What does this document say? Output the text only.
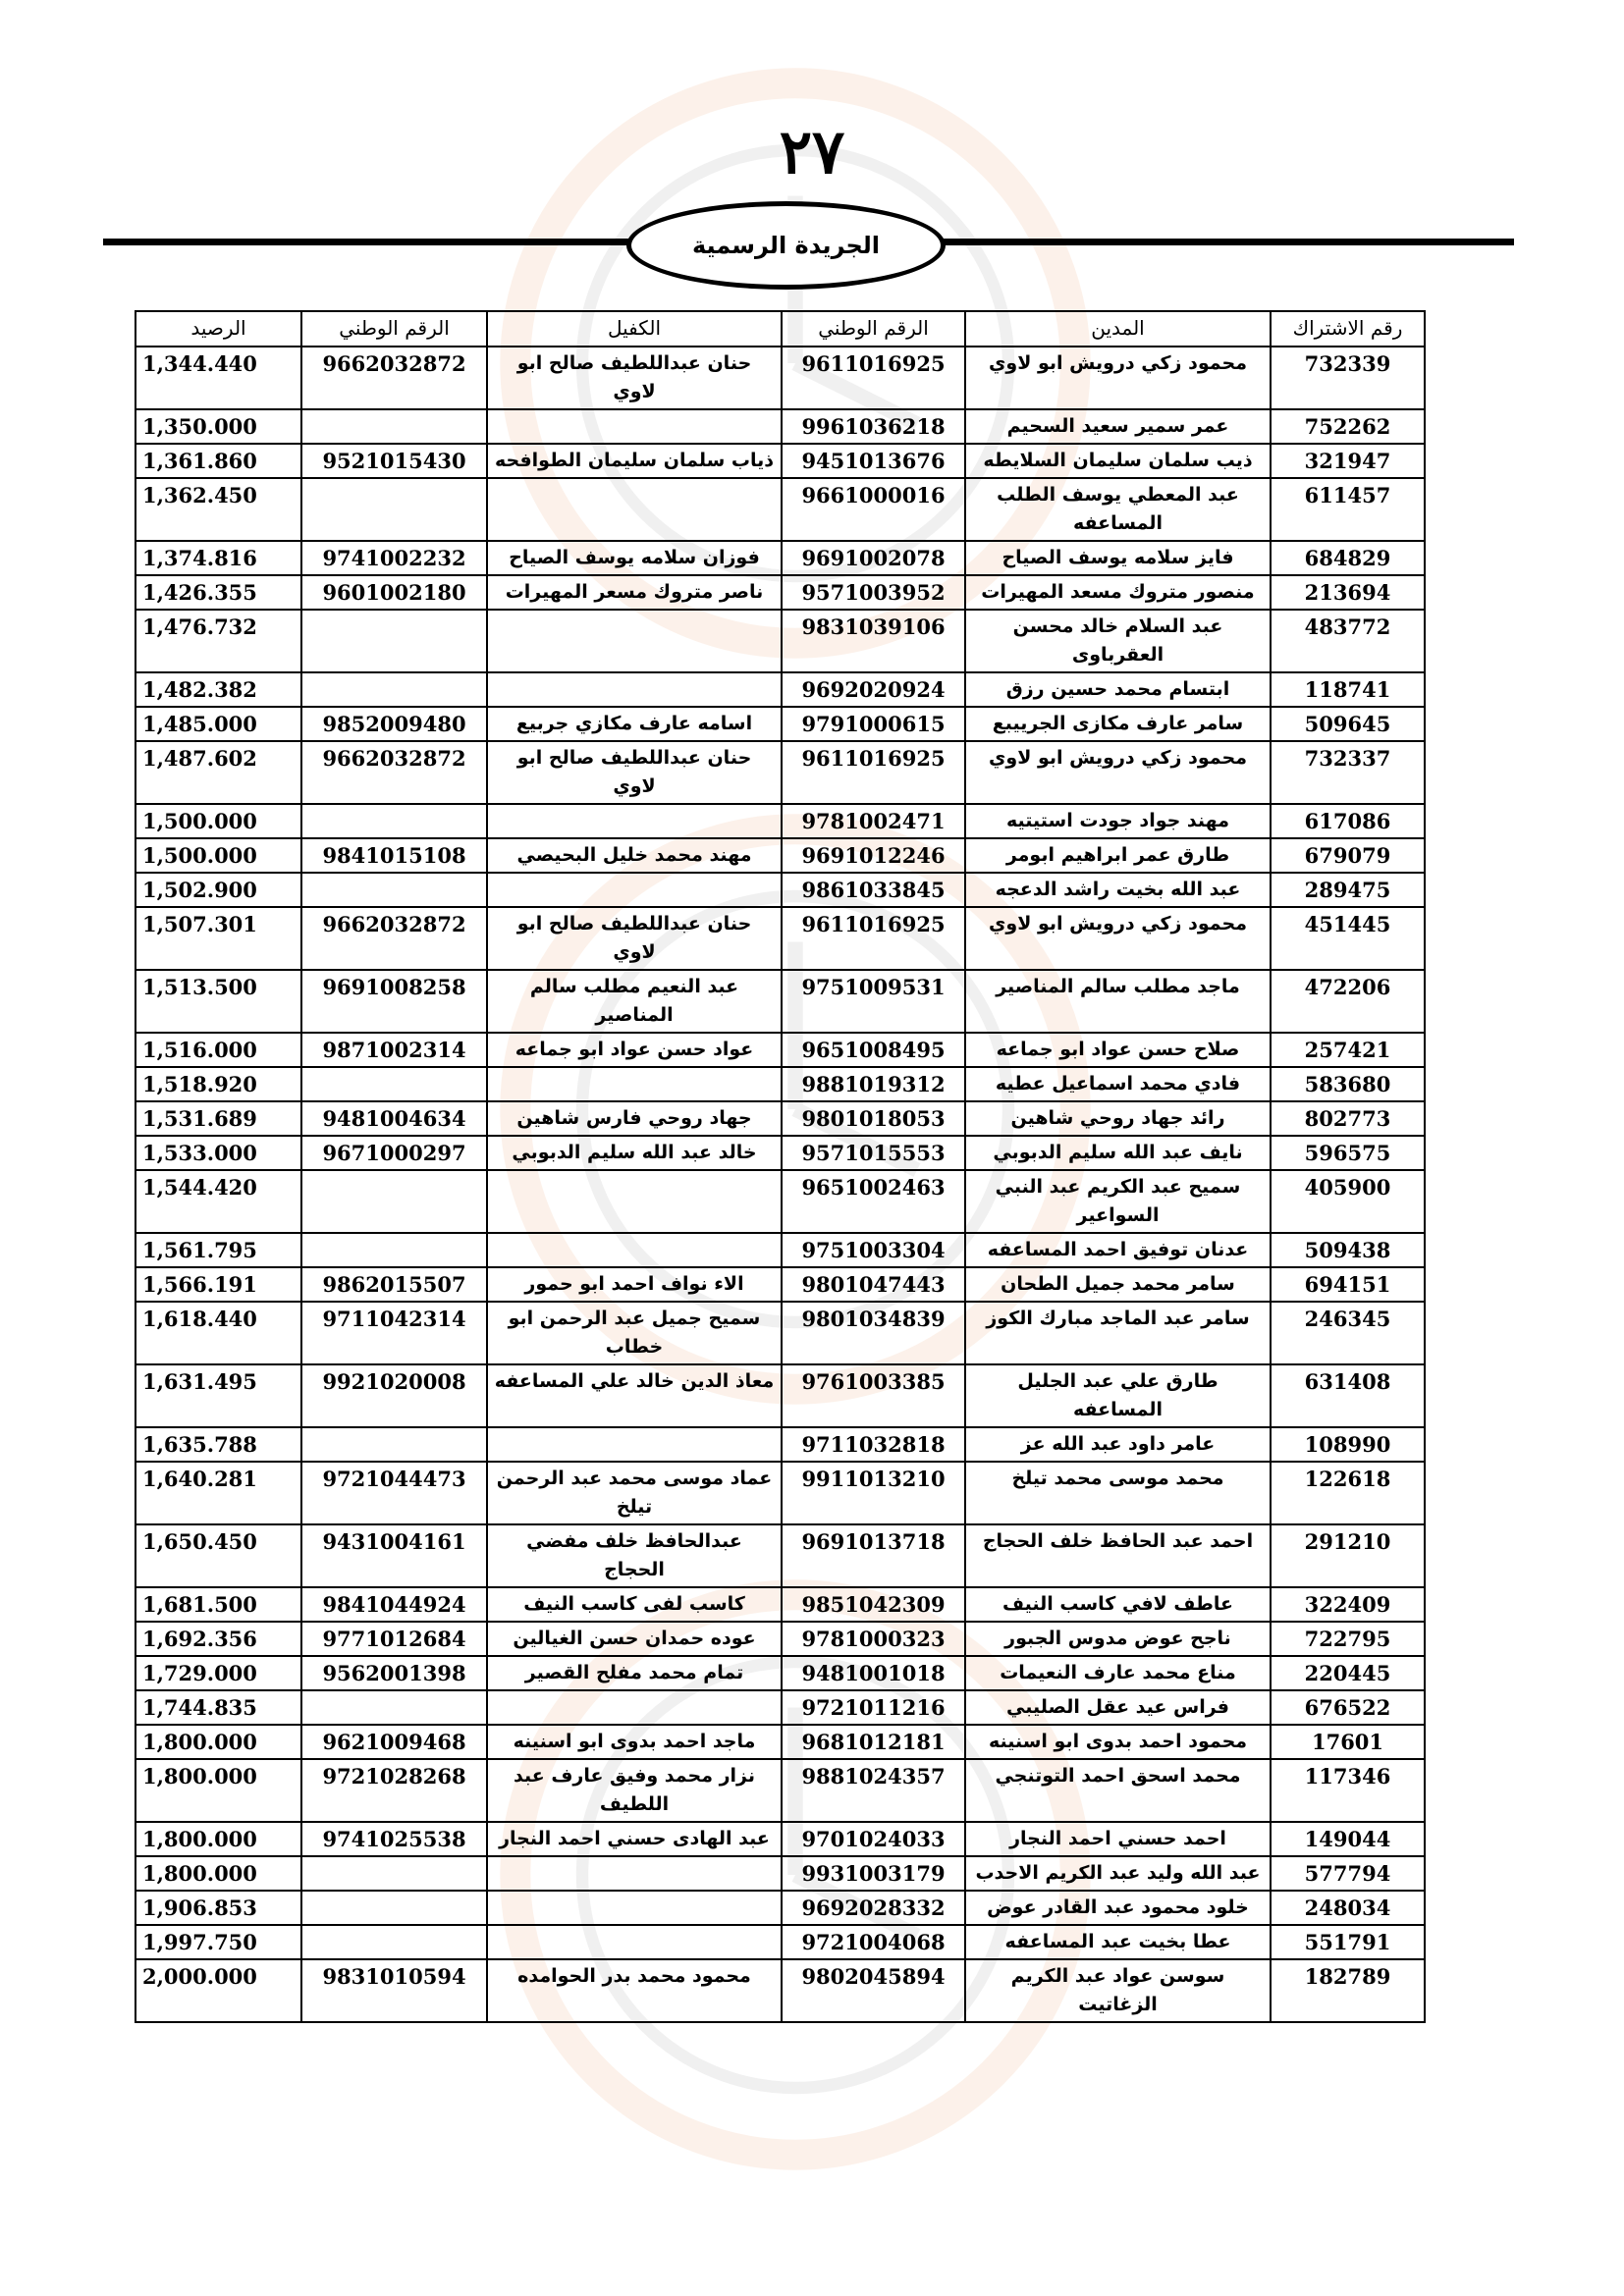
٢٧
الجريدة الرسمية
رقم الاشتراك	المدين	الرقم الوطني	الكفيل	الرقم الوطني	الرصيد
732339	محمود زكي درويش ابو لاوي	9611016925	حنان عبداللطيف صالح ابو لاوي	9662032872	1,344.440
752262	عمر سمير سعيد السحيم	9961036218			1,350.000
321947	ذيب سلمان سليمان السلايطه	9451013676	ذياب سلمان سليمان الطوافحه	9521015430	1,361.860
611457	عبد المعطي يوسف الطلب المساعفه	9661000016			1,362.450
684829	فايز سلامه يوسف الصياح	9691002078	فوزان سلامه يوسف الصياح	9741002232	1,374.816
213694	منصور متروك مسعد المهيرات	9571003952	ناصر متروك مسعر المهيرات	9601002180	1,426.355
483772	عبد السلام خالد محسن العقرباوى	9831039106			1,476.732
118741	ابتسام محمد حسين رزق	9692020924			1,482.382
509645	سامر عارف مكازى الجرييبع	9791000615	اسامه عارف مكازي جربيع	9852009480	1,485.000
732337	محمود زكي درويش ابو لاوي	9611016925	حنان عبداللطيف صالح ابو لاوي	9662032872	1,487.602
617086	مهند جواد جودت استيتيه	9781002471			1,500.000
679079	طارق عمر ابراهيم ابومر	9691012246	مهند محمد خليل البحيصي	9841015108	1,500.000
289475	عبد الله بخيت راشد الدعجه	9861033845			1,502.900
451445	محمود زكي درويش ابو لاوي	9611016925	حنان عبداللطيف صالح ابو لاوي	9662032872	1,507.301
472206	ماجد مطلب سالم المناصير	9751009531	عبد النعيم مطلب سالم المناصير	9691008258	1,513.500
257421	صلاح حسن عواد ابو جماعه	9651008495	عواد حسن عواد ابو جماعه	9871002314	1,516.000
583680	فادي محمد اسماعيل عطيه	9881019312			1,518.920
802773	رائد جهاد روحي شاهين	9801018053	جهاد روحي فارس شاهين	9481004634	1,531.689
596575	نايف عبد الله سليم الدبوبي	9571015553	خالد عبد الله سليم الدبوبي	9671000297	1,533.000
405900	سميح عبد الكريم عبد النبي السواعير	9651002463			1,544.420
509438	عدنان توفيق احمد المساعفه	9751003304			1,561.795
694151	سامر محمد جميل الطحان	9801047443	الاء نواف احمد ابو حمور	9862015507	1,566.191
246345	سامر عبد الماجد مبارك الكوز	9801034839	سميح جميل عبد الرحمن ابو خطاب	9711042314	1,618.440
631408	طارق علي عبد الجليل المساعفه	9761003385	معاذ الدين خالد علي المساعفه	9921020008	1,631.495
108990	عامر داود عبد الله عز	9711032818			1,635.788
122618	محمد موسى محمد تيلخ	9911013210	عماد موسى محمد عبد الرحمن تيلخ	9721044473	1,640.281
291210	احمد عبد الحافظ خلف الحجاج	9691013718	عبدالحافظ خلف مفضي الحجاج	9431004161	1,650.450
322409	عاطف لافي كاسب النيف	9851042309	كاسب لفى كاسب النيف	9841044924	1,681.500
722795	ناجح عوض مدوس الجبور	9781000323	عوده حمدان حسن الغيالين	9771012684	1,692.356
220445	مناع محمد عارف النعيمات	9481001018	تمام محمد مفلح القصير	9562001398	1,729.000
676522	فراس عيد عقل الصليبي	9721011216			1,744.835
17601	محمود احمد بدوى ابو اسنينه	9681012181	ماجد احمد بدوى ابو اسنينه	9621009468	1,800.000
117346	محمد اسحق احمد التوتنجي	9881024357	نزار محمد وفيق عارف عبد اللطيف	9721028268	1,800.000
149044	احمد حسني احمد النجار	9701024033	عبد الهادى حسني احمد النجار	9741025538	1,800.000
577794	عبد الله وليد عبد الكريم الاحدب	9931003179			1,800.000
248034	خلود محمود عبد القادر عوض	9692028332			1,906.853
551791	عطا بخيت عبد المساعفه	9721004068			1,997.750
182789	سوسن عواد عبد الكريم الزغاتيت	9802045894	محمود محمد بدر الحوامده	9831010594	2,000.000
